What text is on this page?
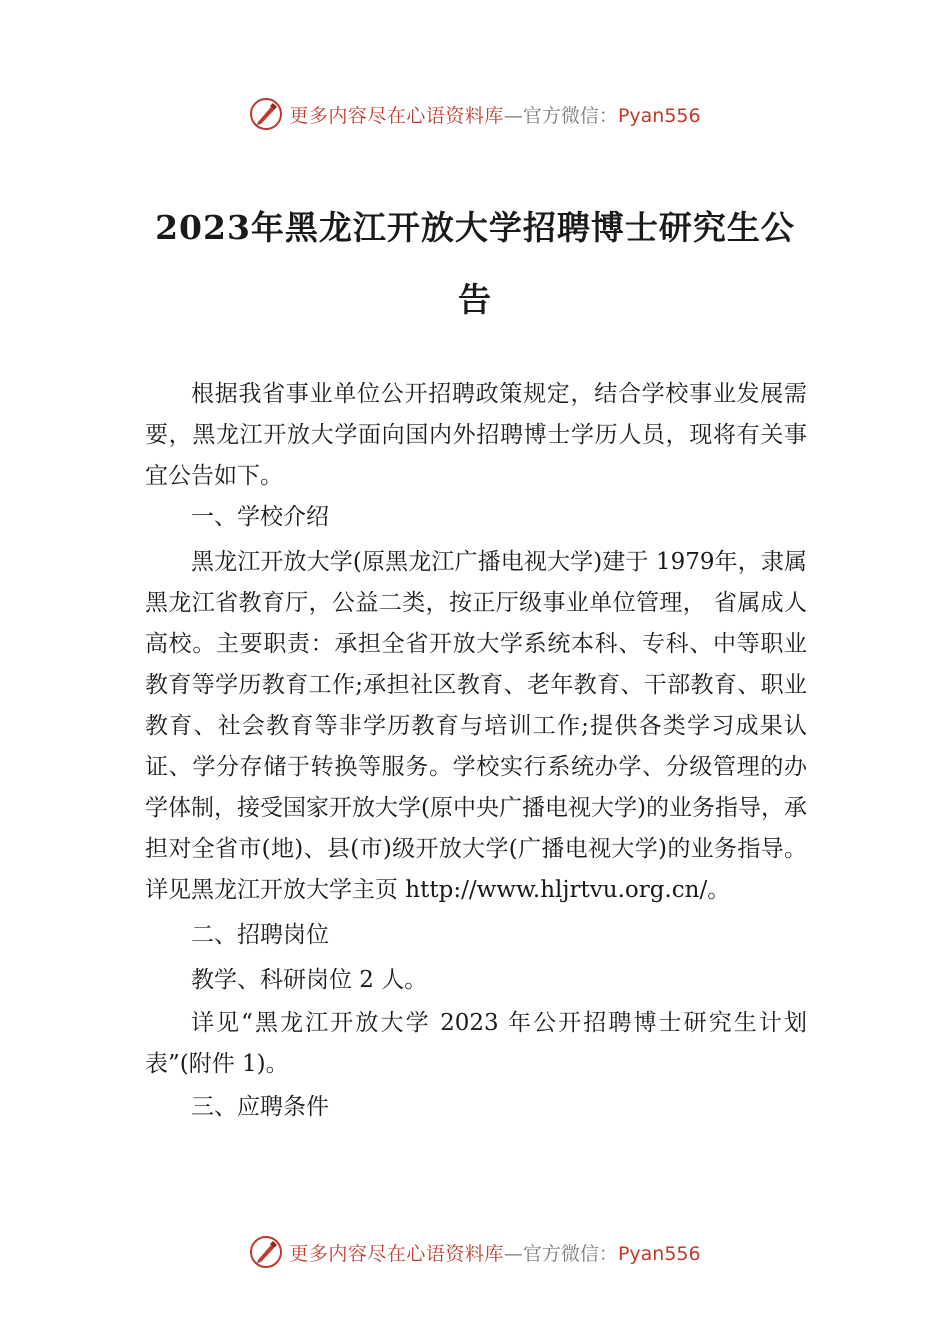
更多内容尽在心语资料库—官方微信：Pyan556
2023年黑龙江开放大学招聘博士研究生公告

根据我省事业单位公开招聘政策规定，结合学校事业发展需要，黑龙江开放大学面向国内外招聘博士学历人员，现将有关事宜公告如下。

一、学校介绍

黑龙江开放大学(原黑龙江广播电视大学)建于 1979年，隶属黑龙江省教育厅，公益二类，按正厅级事业单位管理， 省属成人高校。主要职责：承担全省开放大学系统本科、专科、中等职业教育等学历教育工作;承担社区教育、老年教育、干部教育、职业教育、社会教育等非学历教育与培训工作;提供各类学习成果认证、学分存储于转换等服务。学校实行系统办学、分级管理的办学体制，接受国家开放大学(原中央广播电视大学)的业务指导，承担对全省市(地)、县(市)级开放大学(广播电视大学)的业务指导。详见黑龙江开放大学主页 http://www.hljrtvu.org.cn/。

二、招聘岗位

教学、科研岗位 2 人。

详见“黑龙江开放大学 2023 年公开招聘博士研究生计划表”(附件 1)。

三、应聘条件

更多内容尽在心语资料库—官方微信：Pyan556
